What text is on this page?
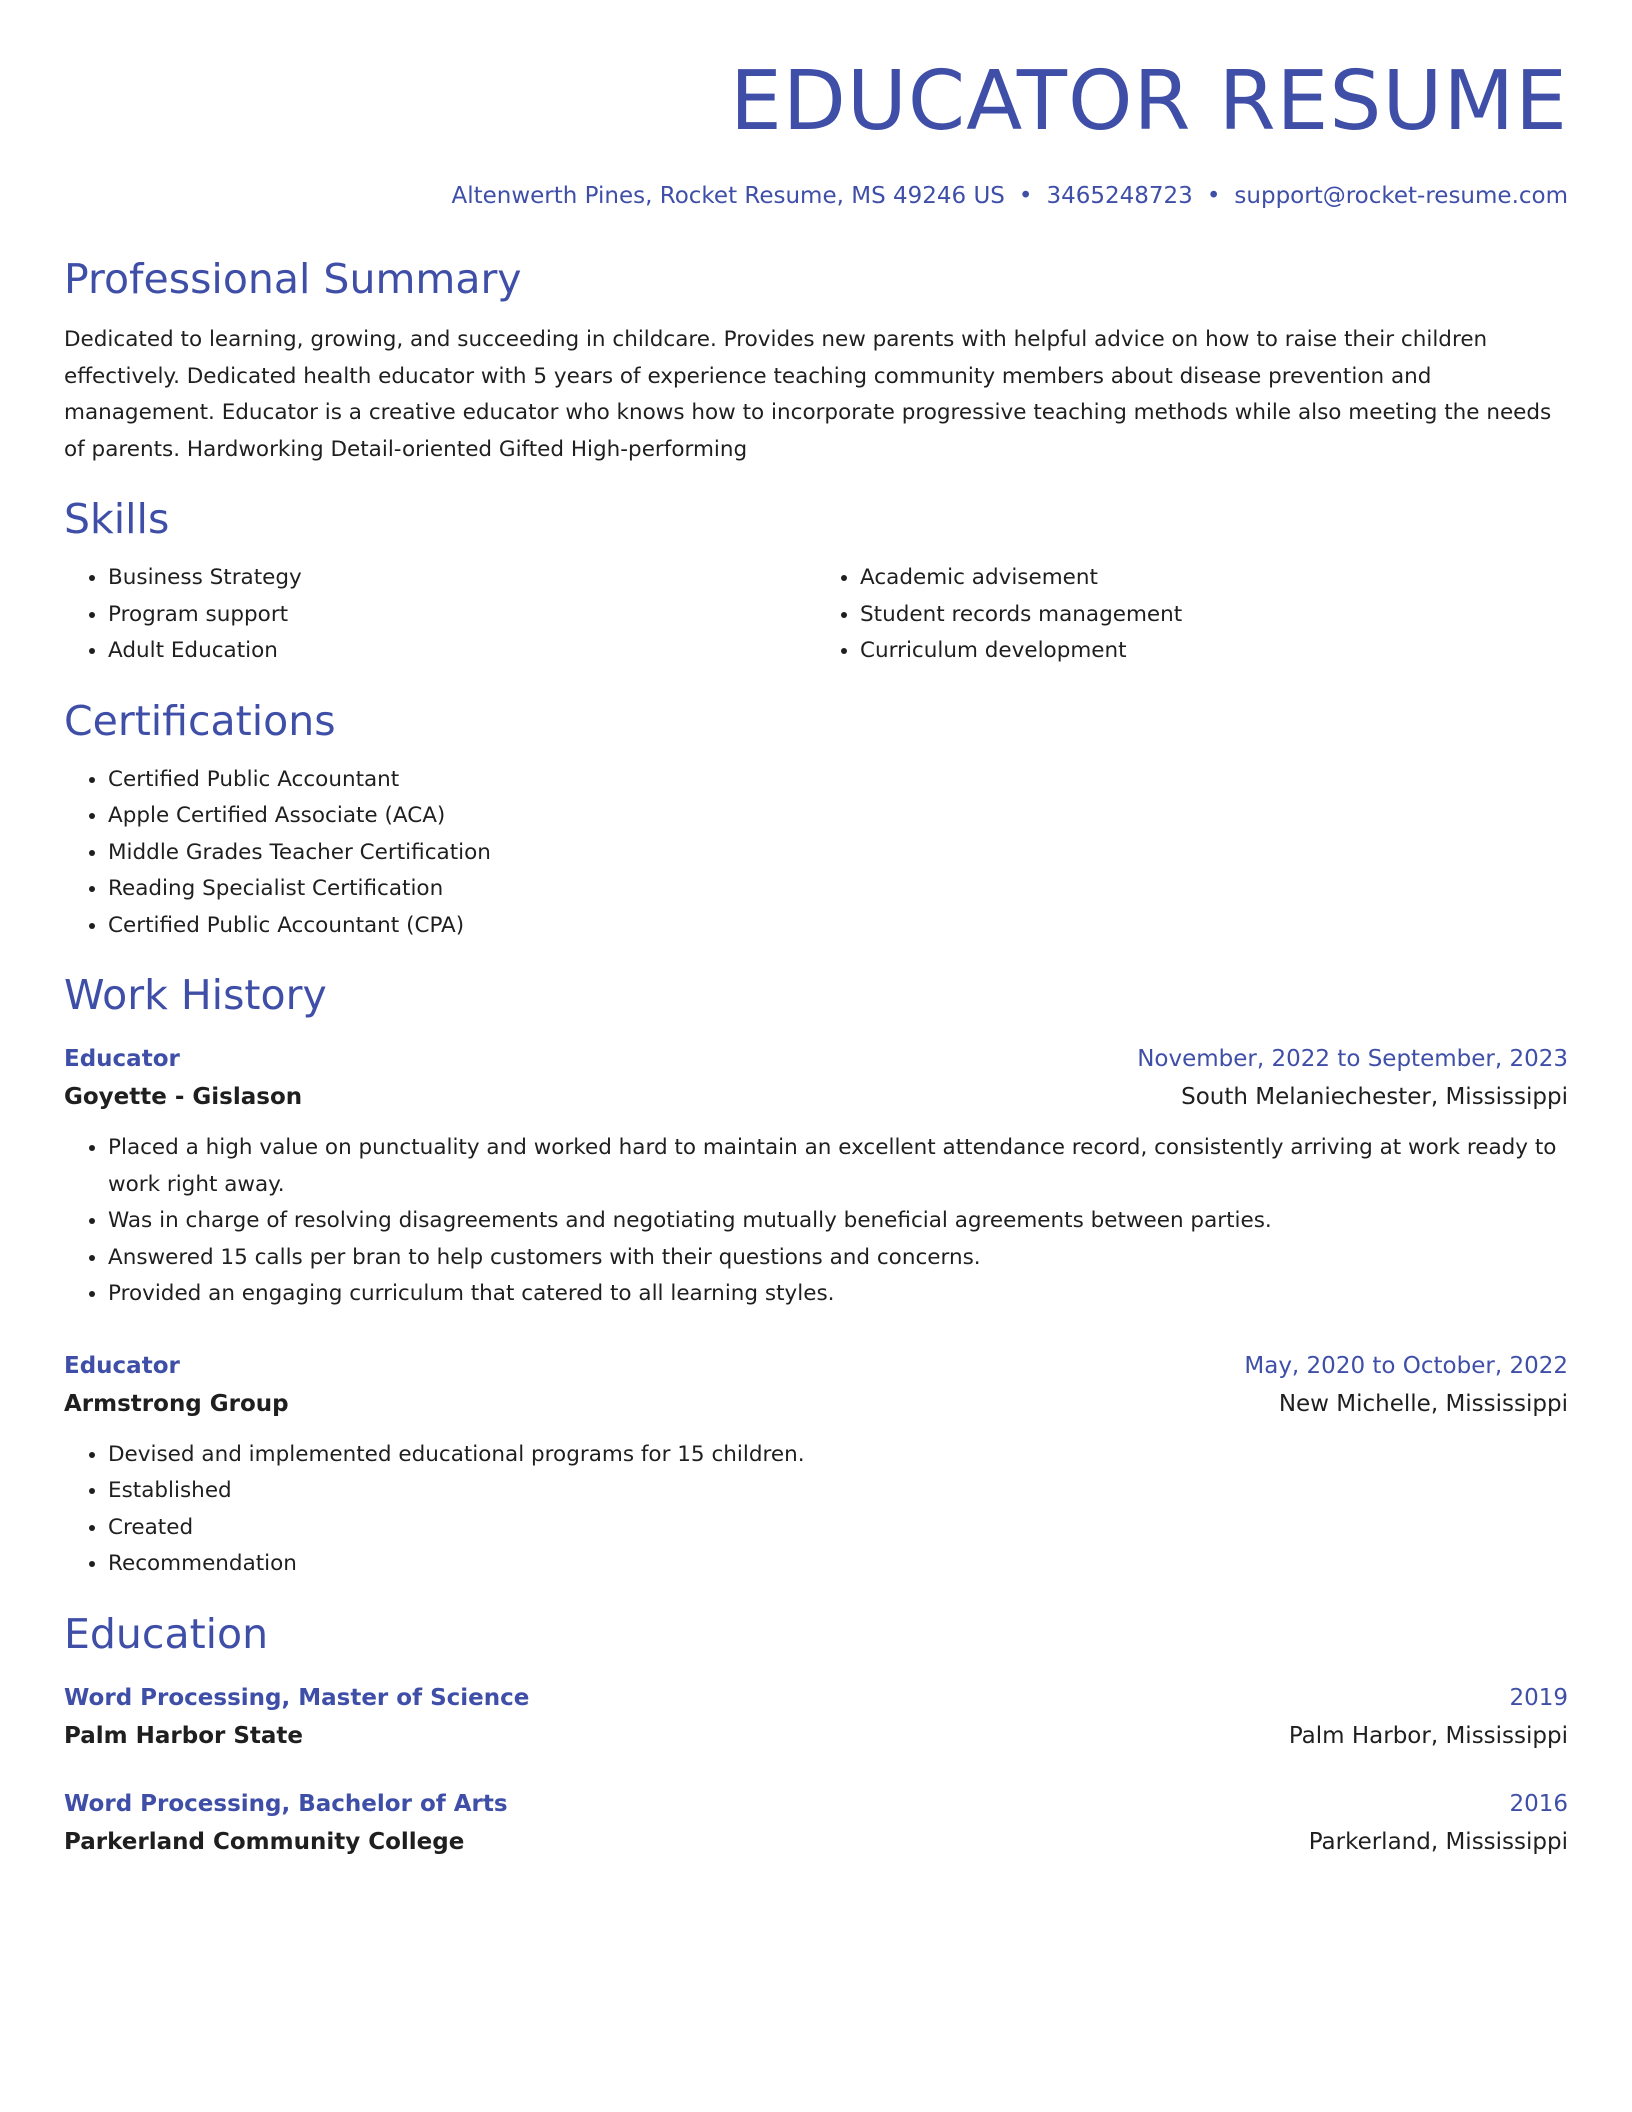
EDUCATOR RESUME
Altenwerth Pines, Rocket Resume, MS 49246 US • 3465248723 • support@rocket-resume.com
Professional Summary
Dedicated to learning, growing, and succeeding in childcare. Provides new parents with helpful advice on how to raise their children effectively. Dedicated health educator with 5 years of experience teaching community members about disease prevention and management. Educator is a creative educator who knows how to incorporate progressive teaching methods while also meeting the needs of parents. Hardworking Detail-oriented Gifted High-performing
Skills
• Business Strategy
• Program support
• Adult Education
• Academic advisement
• Student records management
• Curriculum development
Certifications
• Certified Public Accountant
• Apple Certified Associate (ACA)
• Middle Grades Teacher Certification
• Reading Specialist Certification
• Certified Public Accountant (CPA)
Work History
Educator	November, 2022 to September, 2023
Goyette - Gislason	South Melaniechester, Mississippi
• Placed a high value on punctuality and worked hard to maintain an excellent attendance record, consistently arriving at work ready to work right away.
• Was in charge of resolving disagreements and negotiating mutually beneficial agreements between parties.
• Answered 15 calls per bran to help customers with their questions and concerns.
• Provided an engaging curriculum that catered to all learning styles.
Educator	May, 2020 to October, 2022
Armstrong Group	New Michelle, Mississippi
• Devised and implemented educational programs for 15 children.
• Established
• Created
• Recommendation
Education
Word Processing, Master of Science	2019
Palm Harbor State	Palm Harbor, Mississippi
Word Processing, Bachelor of Arts	2016
Parkerland Community College	Parkerland, Mississippi
